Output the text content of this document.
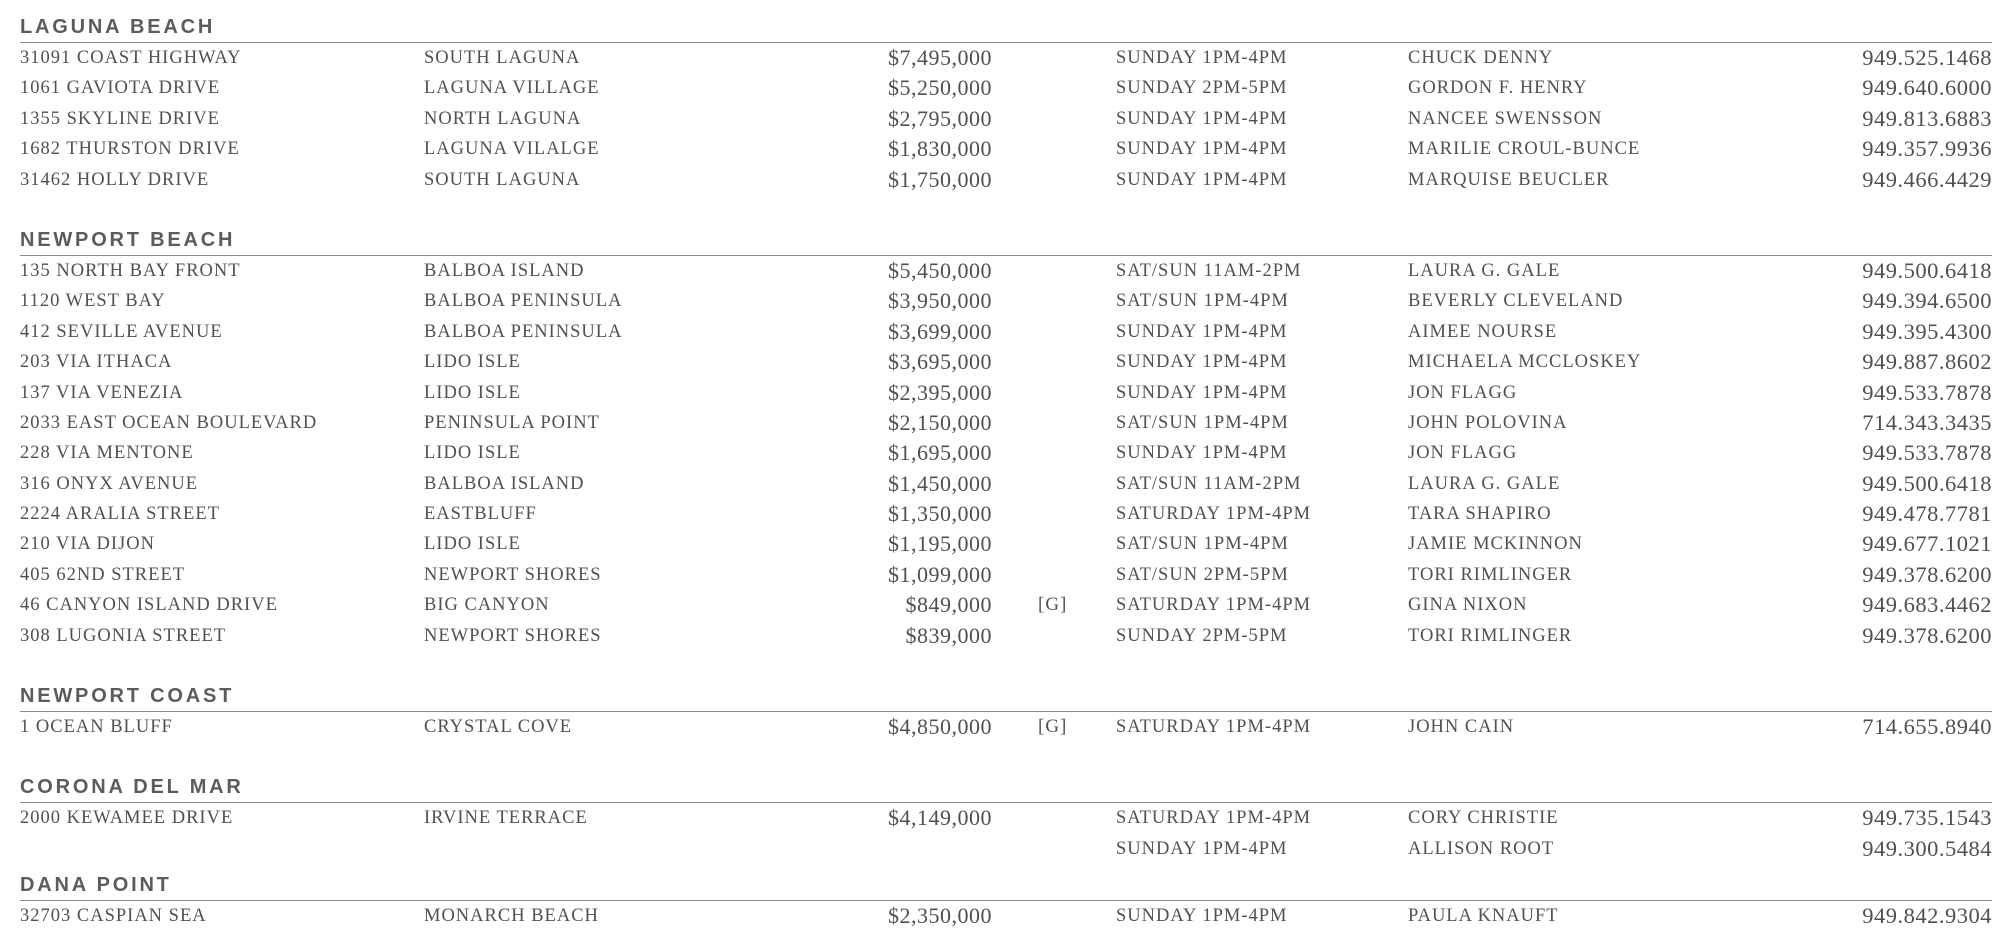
LAGUNA BEACH
31091 COAST HIGHWAY	SOUTH LAGUNA	$7,495,000	SUNDAY 1PM-4PM	CHUCK DENNY	949.525.1468
1061 GAVIOTA DRIVE	LAGUNA VILLAGE	$5,250,000	SUNDAY 2PM-5PM	GORDON F. HENRY	949.640.6000
1355 SKYLINE DRIVE	NORTH LAGUNA	$2,795,000	SUNDAY 1PM-4PM	NANCEE SWENSSON	949.813.6883
1682 THURSTON DRIVE	LAGUNA VILALGE	$1,830,000	SUNDAY 1PM-4PM	MARILIE CROUL-BUNCE	949.357.9936
31462 HOLLY DRIVE	SOUTH LAGUNA	$1,750,000	SUNDAY 1PM-4PM	MARQUISE BEUCLER	949.466.4429
NEWPORT BEACH
135 NORTH BAY FRONT	BALBOA ISLAND	$5,450,000	SAT/SUN 11AM-2PM	LAURA G. GALE	949.500.6418
1120 WEST BAY	BALBOA PENINSULA	$3,950,000	SAT/SUN 1PM-4PM	BEVERLY CLEVELAND	949.394.6500
412 SEVILLE AVENUE	BALBOA PENINSULA	$3,699,000	SUNDAY 1PM-4PM	AIMEE NOURSE	949.395.4300
203 VIA ITHACA	LIDO ISLE	$3,695,000	SUNDAY 1PM-4PM	MICHAELA MCCLOSKEY	949.887.8602
137 VIA VENEZIA	LIDO ISLE	$2,395,000	SUNDAY 1PM-4PM	JON FLAGG	949.533.7878
2033 EAST OCEAN BOULEVARD	PENINSULA POINT	$2,150,000	SAT/SUN 1PM-4PM	JOHN POLOVINA	714.343.3435
228 VIA MENTONE	LIDO ISLE	$1,695,000	SUNDAY 1PM-4PM	JON FLAGG	949.533.7878
316 ONYX AVENUE	BALBOA ISLAND	$1,450,000	SAT/SUN 11AM-2PM	LAURA G. GALE	949.500.6418
2224 ARALIA STREET	EASTBLUFF	$1,350,000	SATURDAY 1PM-4PM	TARA SHAPIRO	949.478.7781
210 VIA DIJON	LIDO ISLE	$1,195,000	SAT/SUN 1PM-4PM	JAMIE MCKINNON	949.677.1021
405 62ND STREET	NEWPORT SHORES	$1,099,000	SAT/SUN 2PM-5PM	TORI RIMLINGER	949.378.6200
46 CANYON ISLAND DRIVE	BIG CANYON	$849,000 [G]	SATURDAY 1PM-4PM	GINA NIXON	949.683.4462
308 LUGONIA STREET	NEWPORT SHORES	$839,000	SUNDAY 2PM-5PM	TORI RIMLINGER	949.378.6200
NEWPORT COAST
1 OCEAN BLUFF	CRYSTAL COVE	$4,850,000 [G]	SATURDAY 1PM-4PM	JOHN CAIN	714.655.8940
CORONA DEL MAR
2000 KEWAMEE DRIVE	IRVINE TERRACE	$4,149,000	SATURDAY 1PM-4PM	CORY CHRISTIE	949.735.1543
SUNDAY 1PM-4PM	ALLISON ROOT	949.300.5484
DANA POINT
32703 CASPIAN SEA	MONARCH BEACH	$2,350,000	SUNDAY 1PM-4PM	PAULA KNAUFT	949.842.9304
